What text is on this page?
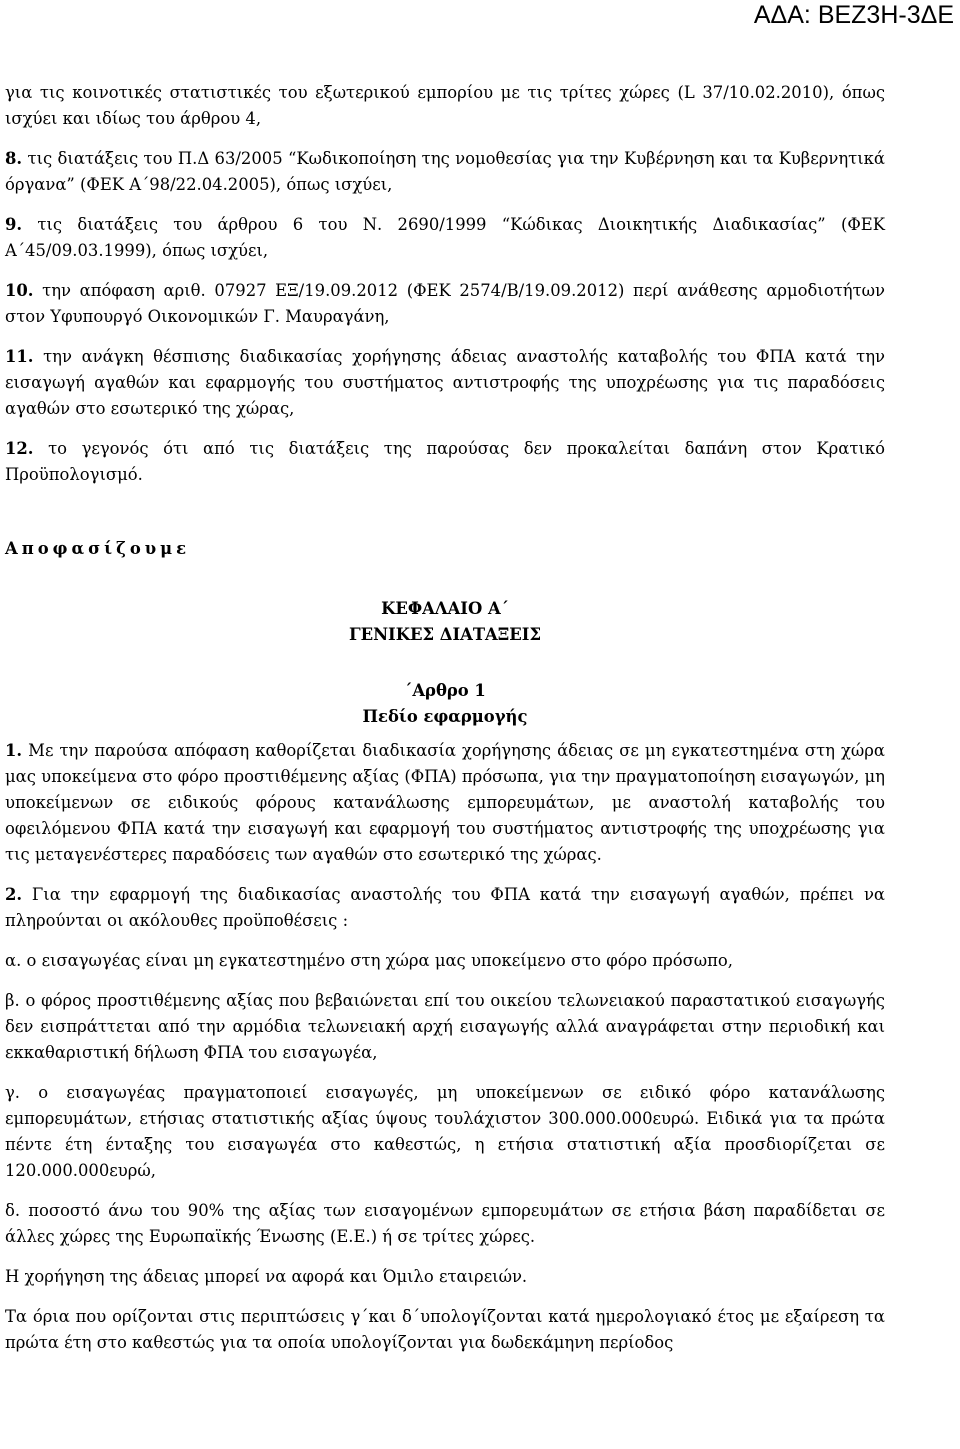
ΑΔΑ: ΒΕΖ3Η-3ΔΕ

για τις κοινοτικές στατιστικές του εξωτερικού εμπορίου με τις τρίτες χώρες (L 37/10.02.2010), όπως ισχύει και ιδίως του άρθρου 4,

8. τις διατάξεις του Π.Δ 63/2005 “Κωδικοποίηση της νομοθεσίας για την Κυβέρνηση και τα Κυβερνητικά όργανα” (ΦΕΚ Α΄98/22.04.2005), όπως ισχύει,

9. τις διατάξεις του άρθρου 6 του Ν. 2690/1999 “Κώδικας Διοικητικής Διαδικασίας” (ΦΕΚ Α΄45/09.03.1999), όπως ισχύει,

10. την απόφαση αριθ. 07927 ΕΞ/19.09.2012 (ΦΕΚ 2574/Β/19.09.2012) περί ανάθεσης αρμοδιοτήτων στον Υφυπουργό Οικονομικών Γ. Μαυραγάνη,

11. την ανάγκη θέσπισης διαδικασίας χορήγησης άδειας αναστολής καταβολής του ΦΠΑ κατά την εισαγωγή αγαθών και εφαρμογής του συστήματος αντιστροφής της υποχρέωσης για τις παραδόσεις αγαθών στο εσωτερικό της χώρας,

12. το γεγονός ότι από τις διατάξεις της παρούσας δεν προκαλείται δαπάνη στον Κρατικό Προϋπολογισμό.

Αποφασίζουμε

ΚΕΦΑΛΑΙΟ Α΄

ΓΕΝΙΚΕΣ ΔΙΑΤΑΞΕΙΣ

΄Αρθρο 1

Πεδίο εφαρμογής

1. Με την παρούσα απόφαση καθορίζεται διαδικασία χορήγησης άδειας σε μη εγκατεστημένα στη χώρα μας υποκείμενα στο φόρο προστιθέμενης αξίας (ΦΠΑ) πρόσωπα, για την πραγματοποίηση εισαγωγών, μη υποκείμενων σε ειδικούς φόρους κατανάλωσης εμπορευμάτων, με αναστολή καταβολής του οφειλόμενου ΦΠΑ κατά την εισαγωγή και εφαρμογή του συστήματος αντιστροφής της υποχρέωσης για τις μεταγενέστερες παραδόσεις των αγαθών στο εσωτερικό της χώρας.

2. Για την εφαρμογή της διαδικασίας αναστολής του ΦΠΑ κατά την εισαγωγή αγαθών, πρέπει να πληρούνται οι ακόλουθες προϋποθέσεις :

α. ο εισαγωγέας είναι μη εγκατεστημένο στη χώρα μας υποκείμενο στο φόρο πρόσωπο,

β. ο φόρος προστιθέμενης αξίας που βεβαιώνεται επί του οικείου τελωνειακού παραστατικού εισαγωγής δεν εισπράττεται από την αρμόδια τελωνειακή αρχή εισαγωγής αλλά αναγράφεται στην περιοδική και εκκαθαριστική δήλωση ΦΠΑ του εισαγωγέα,

γ. ο εισαγωγέας πραγματοποιεί εισαγωγές, μη υποκείμενων σε ειδικό φόρο κατανάλωσης εμπορευμάτων, ετήσιας στατιστικής αξίας ύψους τουλάχιστον 300.000.000ευρώ. Ειδικά για τα πρώτα πέντε έτη ένταξης του εισαγωγέα στο καθεστώς, η ετήσια στατιστική αξία προσδιορίζεται σε 120.000.000ευρώ,

δ. ποσοστό άνω του 90% της αξίας των εισαγομένων εμπορευμάτων σε ετήσια βάση παραδίδεται σε άλλες χώρες της Ευρωπαϊκής Ένωσης (Ε.Ε.) ή σε τρίτες χώρες.

Η χορήγηση της άδειας μπορεί να αφορά και Όμιλο εταιρειών.

Τα όρια που ορίζονται στις περιπτώσεις γ΄και δ΄υπολογίζονται κατά ημερολογιακό έτος με εξαίρεση τα πρώτα έτη στο καθεστώς για τα οποία υπολογίζονται για δωδεκάμηνη περίοδος
